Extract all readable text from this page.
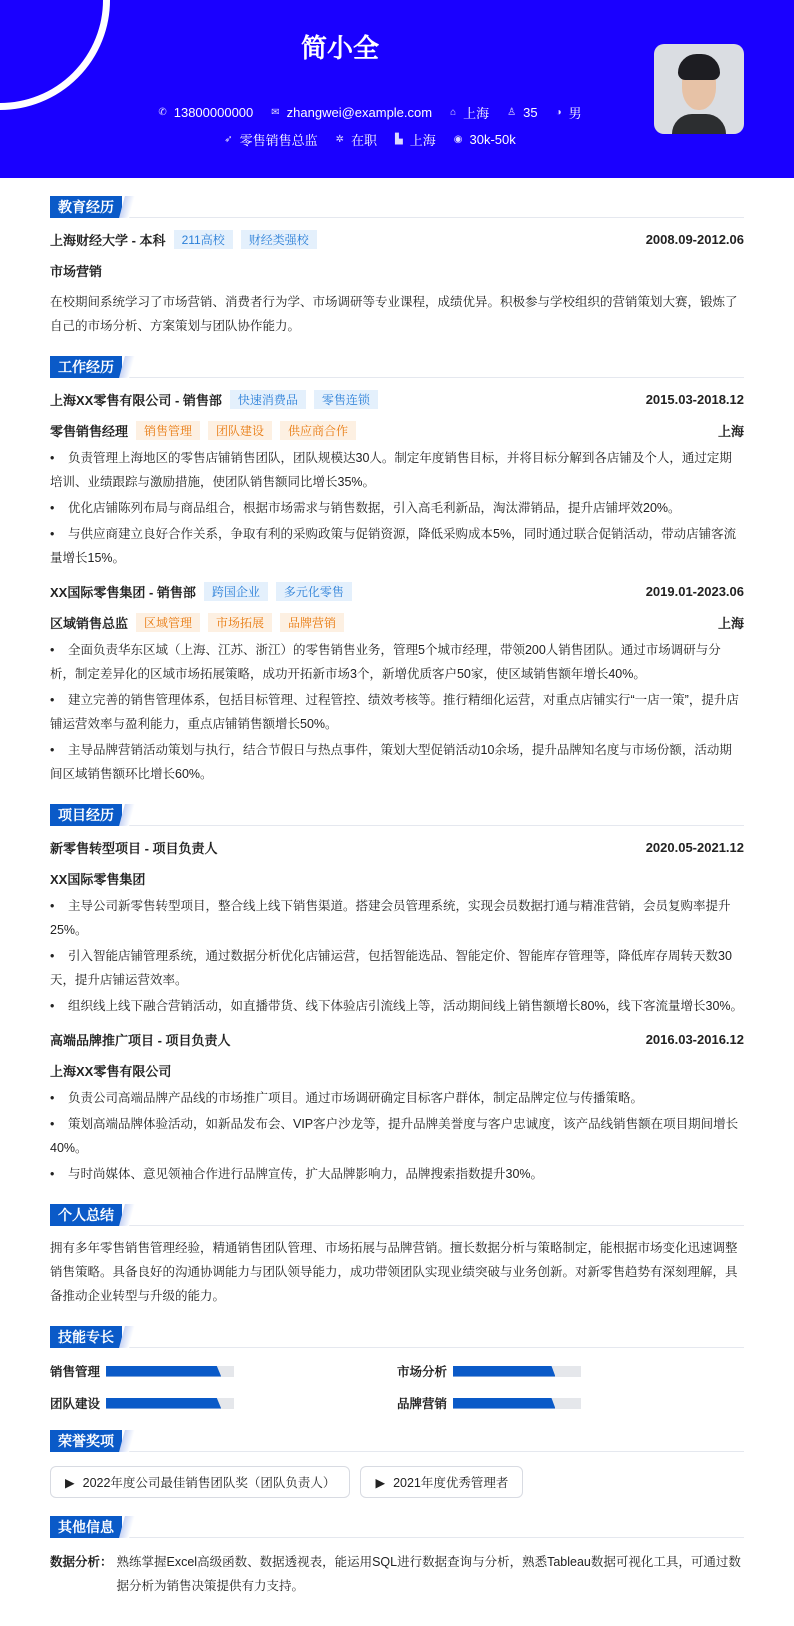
简小全
✆ 13800000000 ✉ zhangwei@example.com ⌂ 上海 ♙ 35 ◑ 男
➶ 零售销售总监 ✲ 在职 ▙ 上海 ◉ 30k-50k
教育经历
上海财经大学 - 本科	211高校	财经类强校	2008.09-2012.06
市场营销
在校期间系统学习了市场营销、消费者行为学、市场调研等专业课程，成绩优异。积极参与学校组织的营销策划大赛，锻炼了自己的市场分析、方案策划与团队协作能力。
工作经历
上海XX零售有限公司 - 销售部	快速消费品	零售连锁	2015.03-2018.12
零售销售经理	销售管理	团队建设	供应商合作	上海
• 负责管理上海地区的零售店铺销售团队，团队规模达30人。制定年度销售目标，并将目标分解到各店铺及个人，通过定期培训、业绩跟踪与激励措施，使团队销售额同比增长35%。
• 优化店铺陈列布局与商品组合，根据市场需求与销售数据，引入高毛利新品，淘汰滞销品，提升店铺坪效20%。
• 与供应商建立良好合作关系，争取有利的采购政策与促销资源，降低采购成本5%，同时通过联合促销活动，带动店铺客流量增长15%。
XX国际零售集团 - 销售部	跨国企业	多元化零售	2019.01-2023.06
区域销售总监	区域管理	市场拓展	品牌营销	上海
• 全面负责华东区域（上海、江苏、浙江）的零售销售业务，管理5个城市经理，带领200人销售团队。通过市场调研与分析，制定差异化的区域市场拓展策略，成功开拓新市场3个，新增优质客户50家，使区域销售额年增长40%。
• 建立完善的销售管理体系，包括目标管理、过程管控、绩效考核等。推行精细化运营，对重点店铺实行“一店一策”，提升店铺运营效率与盈利能力，重点店铺销售额增长50%。
• 主导品牌营销活动策划与执行，结合节假日与热点事件，策划大型促销活动10余场，提升品牌知名度与市场份额，活动期间区域销售额环比增长60%。
项目经历
新零售转型项目 - 项目负责人	2020.05-2021.12
XX国际零售集团
• 主导公司新零售转型项目，整合线上线下销售渠道。搭建会员管理系统，实现会员数据打通与精准营销，会员复购率提升25%。
• 引入智能店铺管理系统，通过数据分析优化店铺运营，包括智能选品、智能定价、智能库存管理等，降低库存周转天数30天，提升店铺运营效率。
• 组织线上线下融合营销活动，如直播带货、线下体验店引流线上等，活动期间线上销售额增长80%，线下客流量增长30%。
高端品牌推广项目 - 项目负责人	2016.03-2016.12
上海XX零售有限公司
• 负责公司高端品牌产品线的市场推广项目。通过市场调研确定目标客户群体，制定品牌定位与传播策略。
• 策划高端品牌体验活动，如新品发布会、VIP客户沙龙等，提升品牌美誉度与客户忠诚度，该产品线销售额在项目期间增长40%。
• 与时尚媒体、意见领袖合作进行品牌宣传，扩大品牌影响力，品牌搜索指数提升30%。
个人总结
拥有多年零售销售管理经验，精通销售团队管理、市场拓展与品牌营销。擅长数据分析与策略制定，能根据市场变化迅速调整销售策略。具备良好的沟通协调能力与团队领导能力，成功带领团队实现业绩突破与业务创新。对新零售趋势有深刻理解，具备推动企业转型与升级的能力。
技能专长
销售管理	市场分析
团队建设	品牌营销
荣誉奖项
▶ 2022年度公司最佳销售团队奖（团队负责人）	▶ 2021年度优秀管理者
其他信息
数据分析： 熟练掌握Excel高级函数、数据透视表，能运用SQL进行数据查询与分析，熟悉Tableau数据可视化工具，可通过数据分析为销售决策提供有力支持。
